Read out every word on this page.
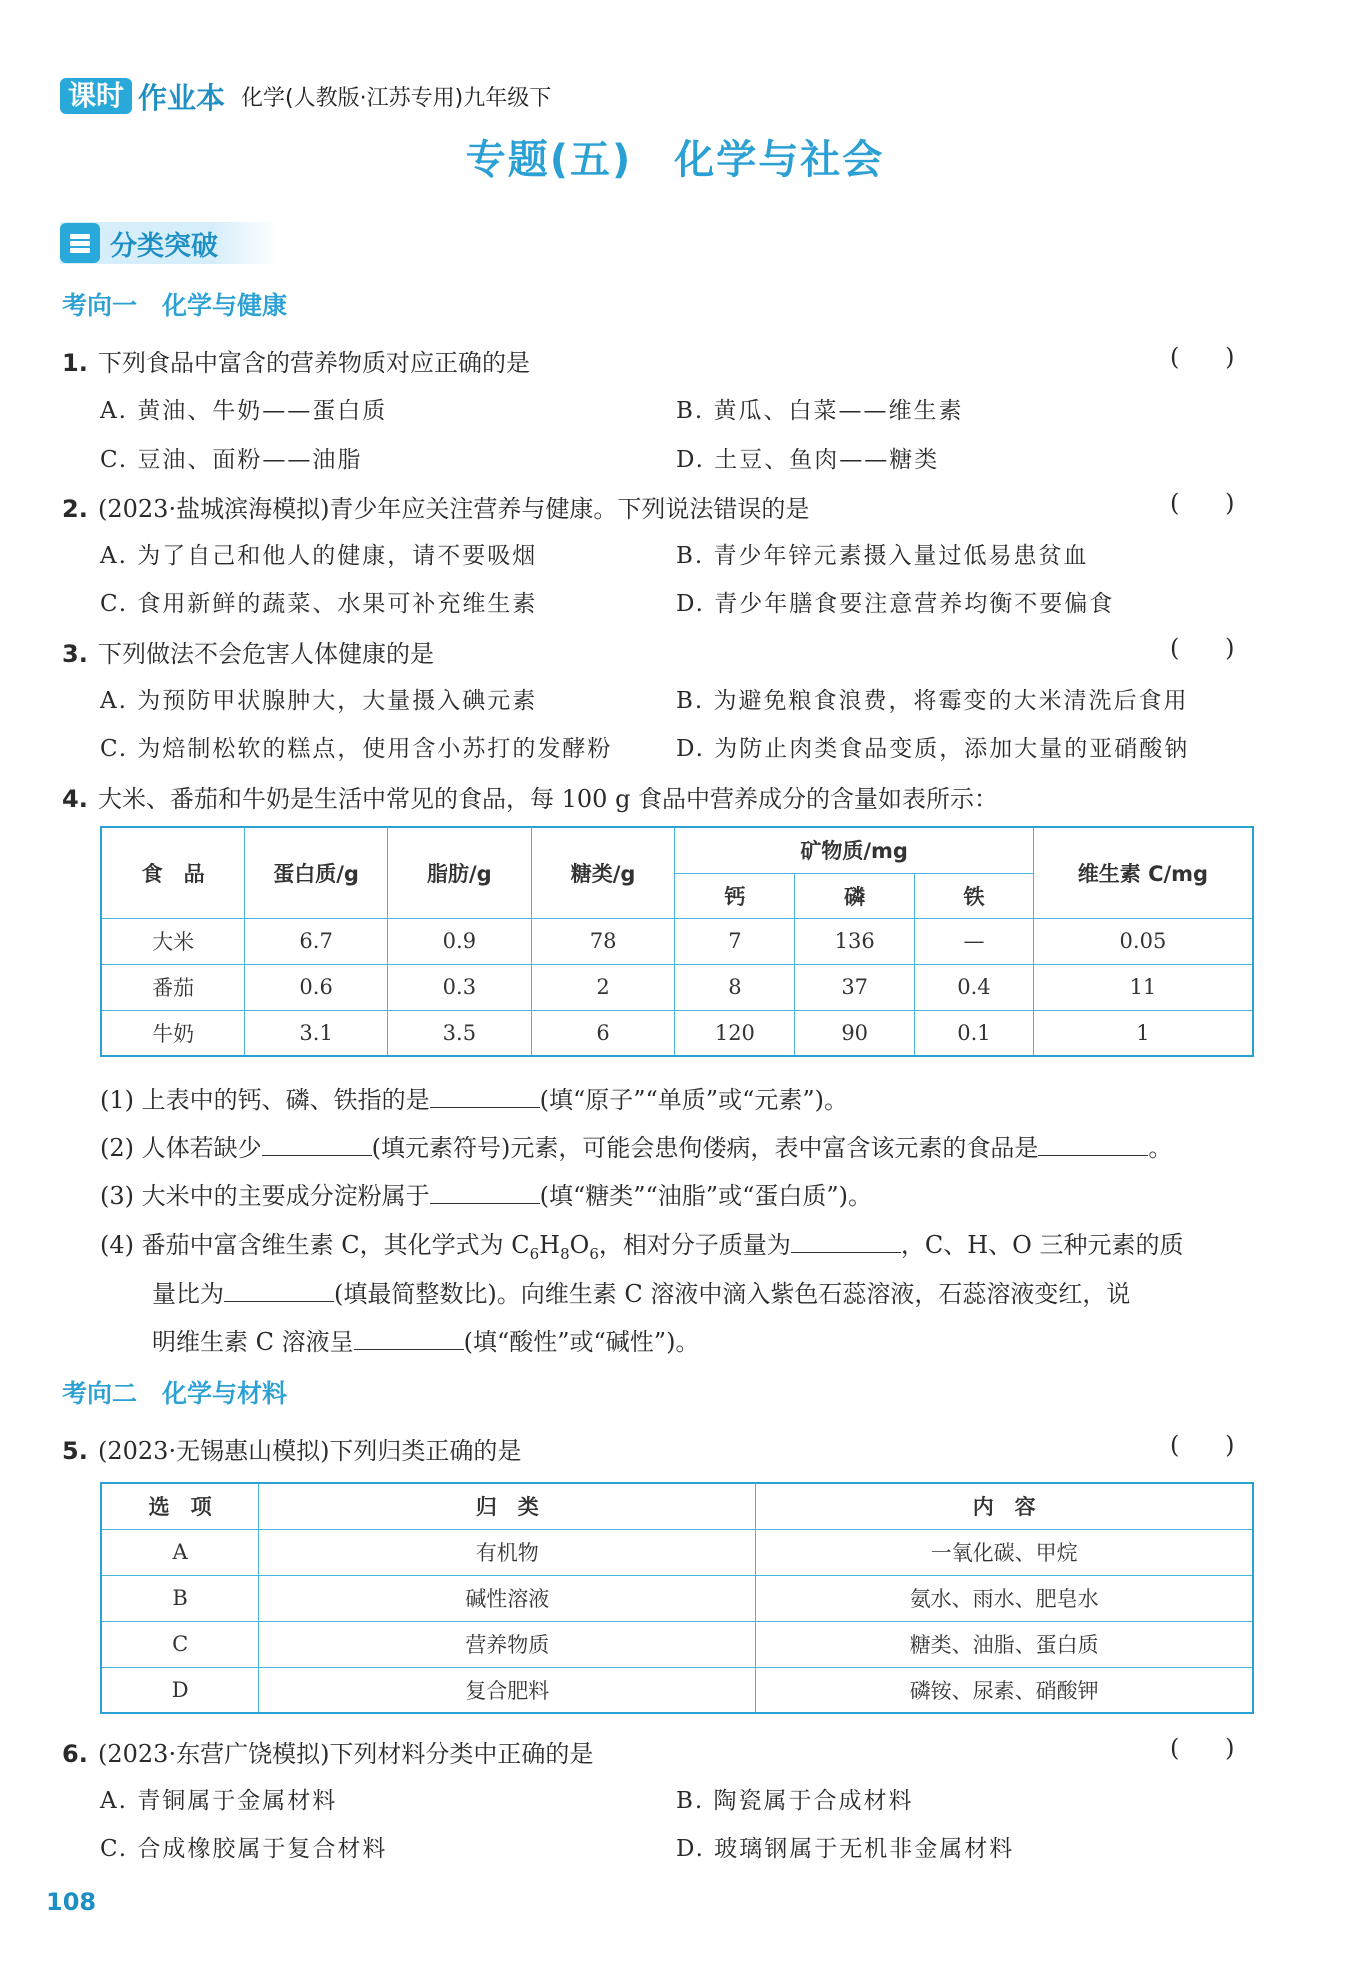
课时 作业本 化学(人教版·江苏专用)九年级下
专题(五)　化学与社会
分类突破
考向一　化学与健康
1. 下列食品中富含的营养物质对应正确的是	(      )
A. 黄油、牛奶——蛋白质	B. 黄瓜、白菜——维生素
C. 豆油、面粉——油脂	D. 土豆、鱼肉——糖类
2. (2023·盐城滨海模拟)青少年应关注营养与健康。下列说法错误的是	(      )
A. 为了自己和他人的健康，请不要吸烟	B. 青少年锌元素摄入量过低易患贫血
C. 食用新鲜的蔬菜、水果可补充维生素	D. 青少年膳食要注意营养均衡不要偏食
3. 下列做法不会危害人体健康的是	(      )
A. 为预防甲状腺肿大，大量摄入碘元素	B. 为避免粮食浪费，将霉变的大米清洗后食用
C. 为焙制松软的糕点，使用含小苏打的发酵粉	D. 为防止肉类食品变质，添加大量的亚硝酸钠
4. 大米、番茄和牛奶是生活中常见的食品，每 100 g 食品中营养成分的含量如表所示：
食　品	蛋白质/g	脂肪/g	糖类/g	矿物质/mg			维生素 C/mg
				钙	磷	铁	
大米	6.7	0.9	78	7	136	—	0.05
番茄	0.6	0.3	2	8	37	0.4	11
牛奶	3.1	3.5	6	120	90	0.1	1
(1) 上表中的钙、磷、铁指的是	(填“原子”“单质”或“元素”)。
(2) 人体若缺少	(填元素符号)元素，可能会患佝偻病，表中富含该元素的食品是	。
(3) 大米中的主要成分淀粉属于	(填“糖类”“油脂”或“蛋白质”)。
(4) 番茄中富含维生素 C，其化学式为 $C_6H_8O_6$，相对分子质量为	，C、H、O 三种元素的质
量比为	(填最简整数比)。向维生素 C 溶液中滴入紫色石蕊溶液，石蕊溶液变红，说
明维生素 C 溶液呈	(填“酸性”或“碱性”)。
考向二　化学与材料
5. (2023·无锡惠山模拟)下列归类正确的是	(      )
选　项	归　类	内　容
A	有机物	一氧化碳、甲烷
B	碱性溶液	氨水、雨水、肥皂水
C	营养物质	糖类、油脂、蛋白质
D	复合肥料	磷铵、尿素、硝酸钾
6. (2023·东营广饶模拟)下列材料分类中正确的是	(      )
A. 青铜属于金属材料	B. 陶瓷属于合成材料
C. 合成橡胶属于复合材料	D. 玻璃钢属于无机非金属材料
108
